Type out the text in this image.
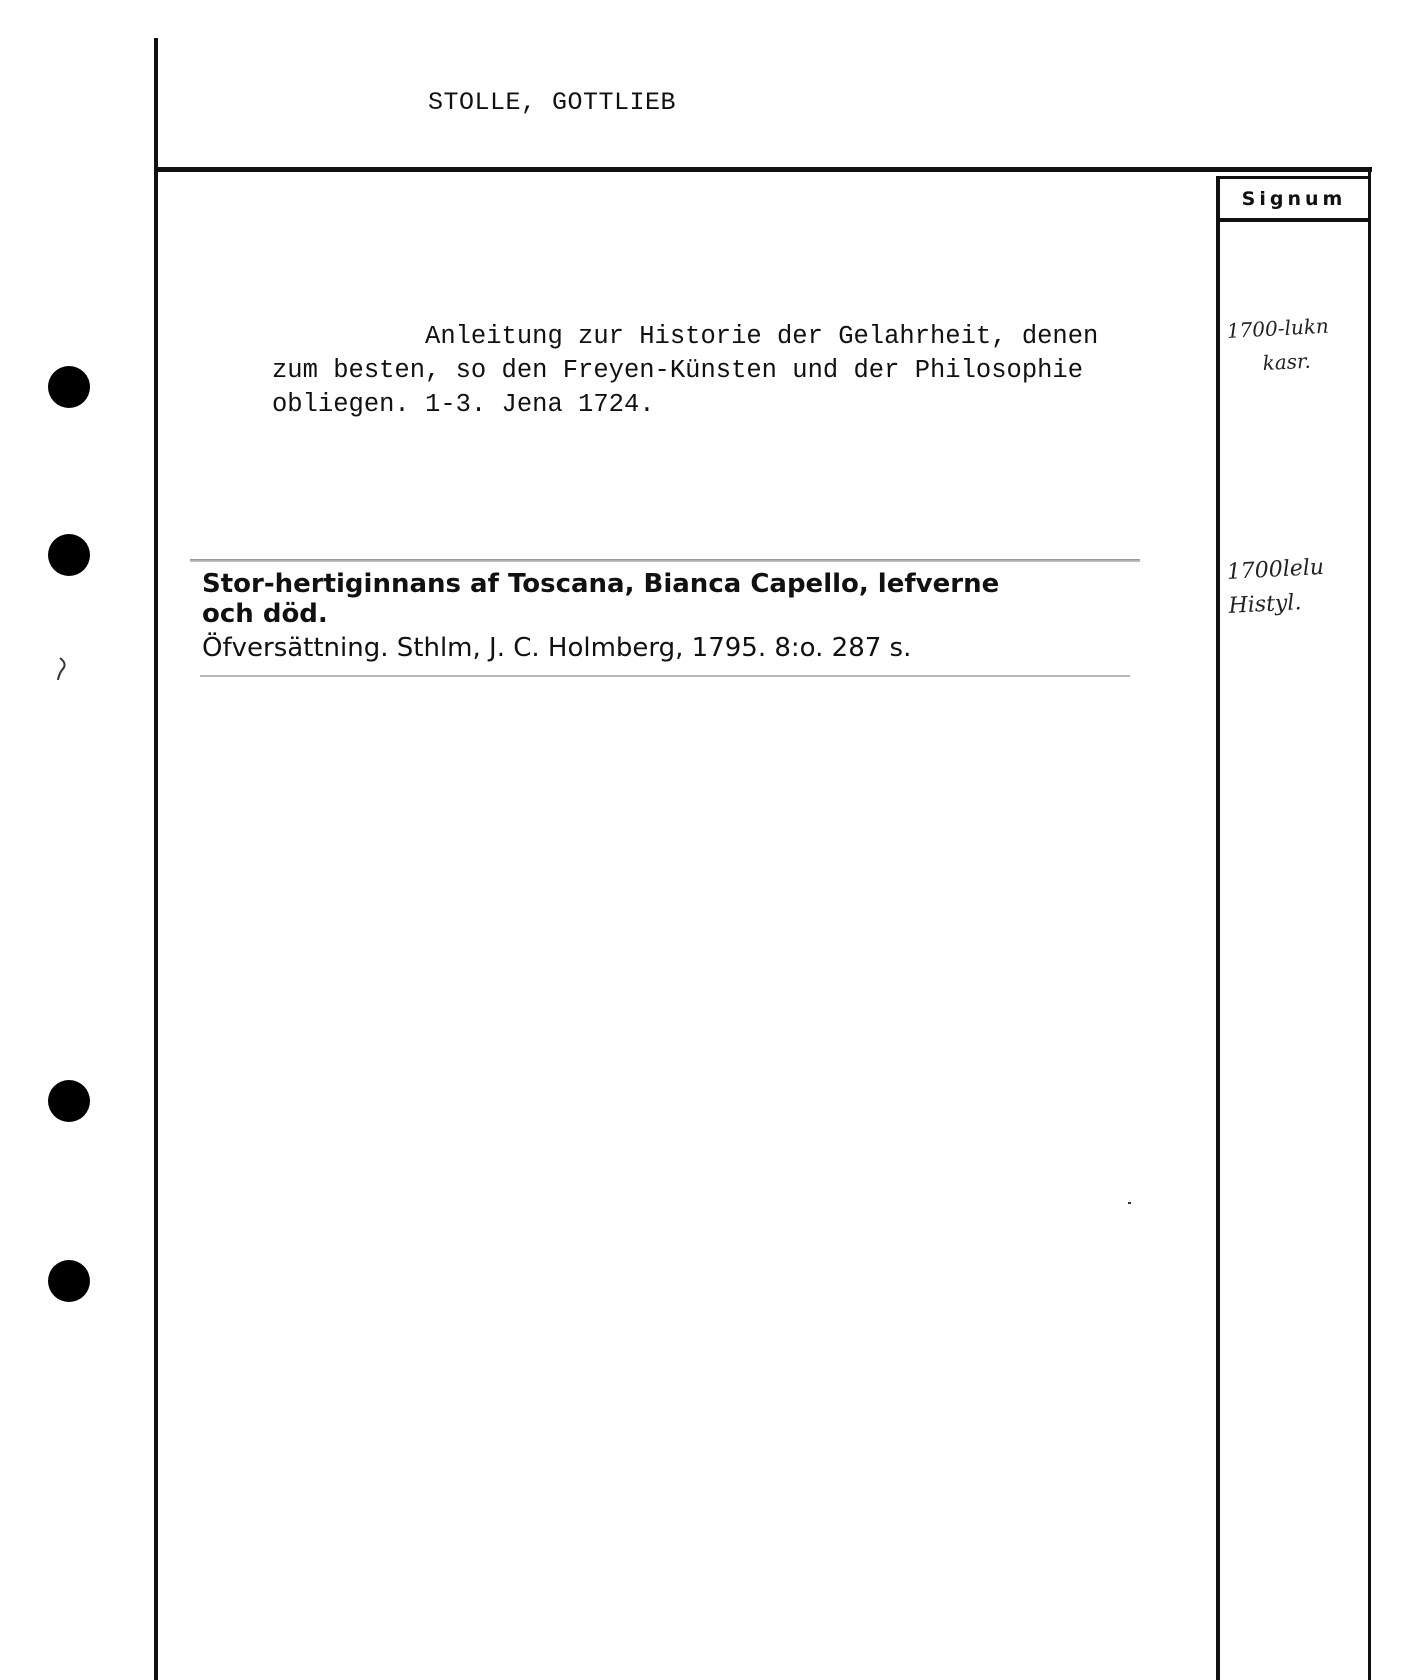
Signum
STOLLE, GOTTLIEB
Anleitung zur Historie der Gelahrheit, denen
zum besten, so den Freyen-Künsten und der Philosophie
obliegen. 1-3. Jena 1724.
Stor-hertiginnans af Toscana, Bianca Capello, lefverne
och död.
Öfversättning. Sthlm, J. C. Holmberg, 1795. 8:o. 287 s.
1700-lukn
kasr.
1700lelu
Histyl.
